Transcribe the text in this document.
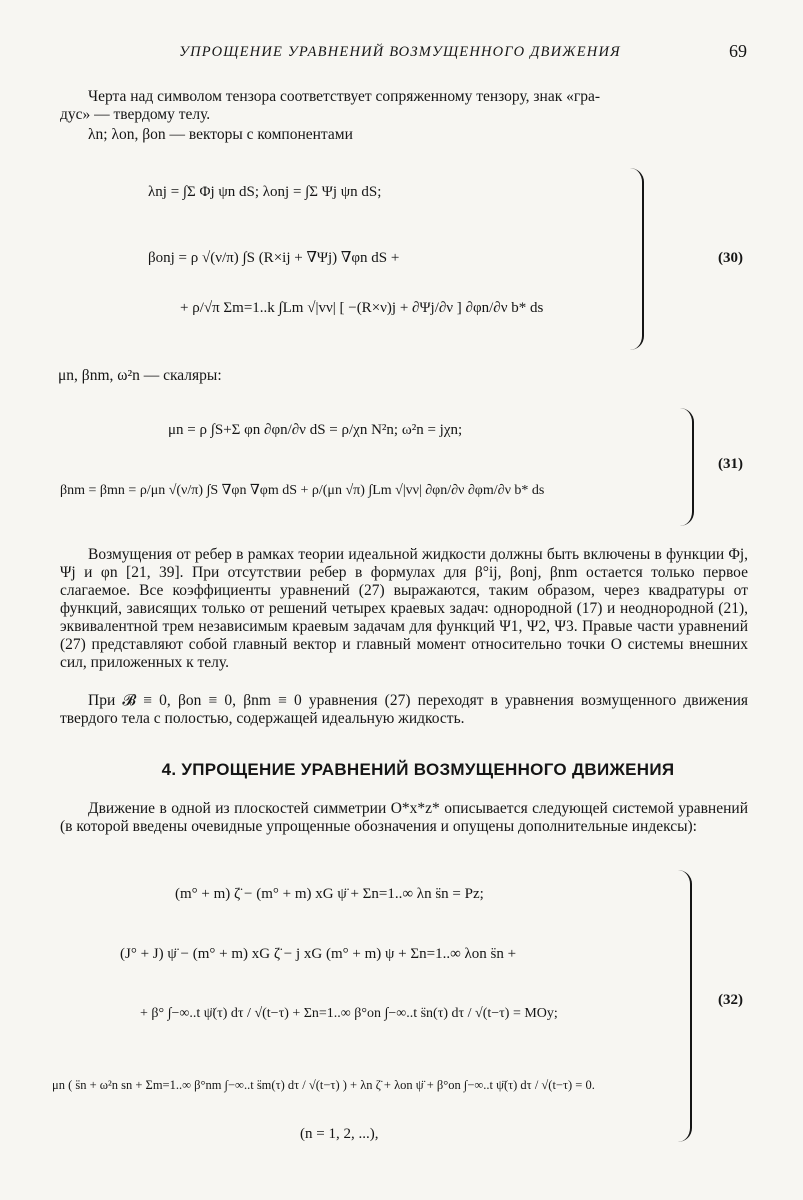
УПРОЩЕНИЕ УРАВНЕНИЙ ВОЗМУЩЕННОГО ДВИЖЕНИЯ	69
Черта над символом тензора соответствует сопряженному тензору, знак «гра-
дус» — твердому телу.
λn; λon, βon — векторы с компонентами
λnj = ∫Σ Φj ψn dS; λonj = ∫Σ Ψj ψn dS;
βonj = ρ √(ν/π) ∫S (R×ij + ∇Ψj) ∇φn dS +
+ ρ/√π Σm=1..k ∫Lm √|vν| [ −(R×ν)j + ∂Ψj/∂ν ] ∂φn/∂ν b* ds
(30)
μn, βnm, ω²n — скаляры:
μn = ρ ∫S+Σ φn ∂φn/∂ν dS = ρ/χn N²n; ω²n = jχn;
βnm = βmn = ρ/μn √(ν/π) ∫S ∇φn ∇φm dS + ρ/(μn √π) ∫Lm √|vν| ∂φn/∂ν ∂φm/∂ν b* ds
(31)
Возмущения от ребер в рамках теории идеальной жидкости должны быть включены в функции Φj, Ψj и φn [21, 39]. При отсутствии ребер в формулах для β°ij, βonj, βnm остается только первое слагаемое. Все коэффициенты уравнений (27) выражаются, таким образом, через квадратуры от функций, зависящих только от решений четырех краевых задач: однородной (17) и неоднородной (21), эквивалентной трем независимым краевым задачам для функций Ψ1, Ψ2, Ψ3. Правые части уравнений (27) представляют собой главный вектор и главный момент относительно точки O системы внешних сил, приложенных к телу.
При 𝓑 ≡ 0, βon ≡ 0, βnm ≡ 0 уравнения (27) переходят в уравнения возмущенного движения твердого тела с полостью, содержащей идеальную жидкость.
4. УПРОЩЕНИЕ УРАВНЕНИЙ ВОЗМУЩЕННОГО ДВИЖЕНИЯ
Движение в одной из плоскостей симметрии O*x*z* описывается следующей системой уравнений (в которой введены очевидные упрощенные обозначения и опущены дополнительные индексы):
(m° + m) ζ̈ − (m° + m) xG ψ̈ + Σn=1..∞ λn s̈n = Pz;
(J° + J) ψ̈ − (m° + m) xG ζ̈ − j xG (m° + m) ψ + Σn=1..∞ λon s̈n +
+ β° ∫−∞..t ψ̈(τ) dτ / √(t−τ) + Σn=1..∞ β°on ∫−∞..t s̈n(τ) dτ / √(t−τ) = MOy;
μn ( s̈n + ω²n sn + Σm=1..∞ β°nm ∫−∞..t s̈m(τ) dτ / √(t−τ) ) + λn ζ̈ + λon ψ̈ + β°on ∫−∞..t ψ̈(τ) dτ / √(t−τ) = 0.
(n = 1, 2, ...),
(32)
